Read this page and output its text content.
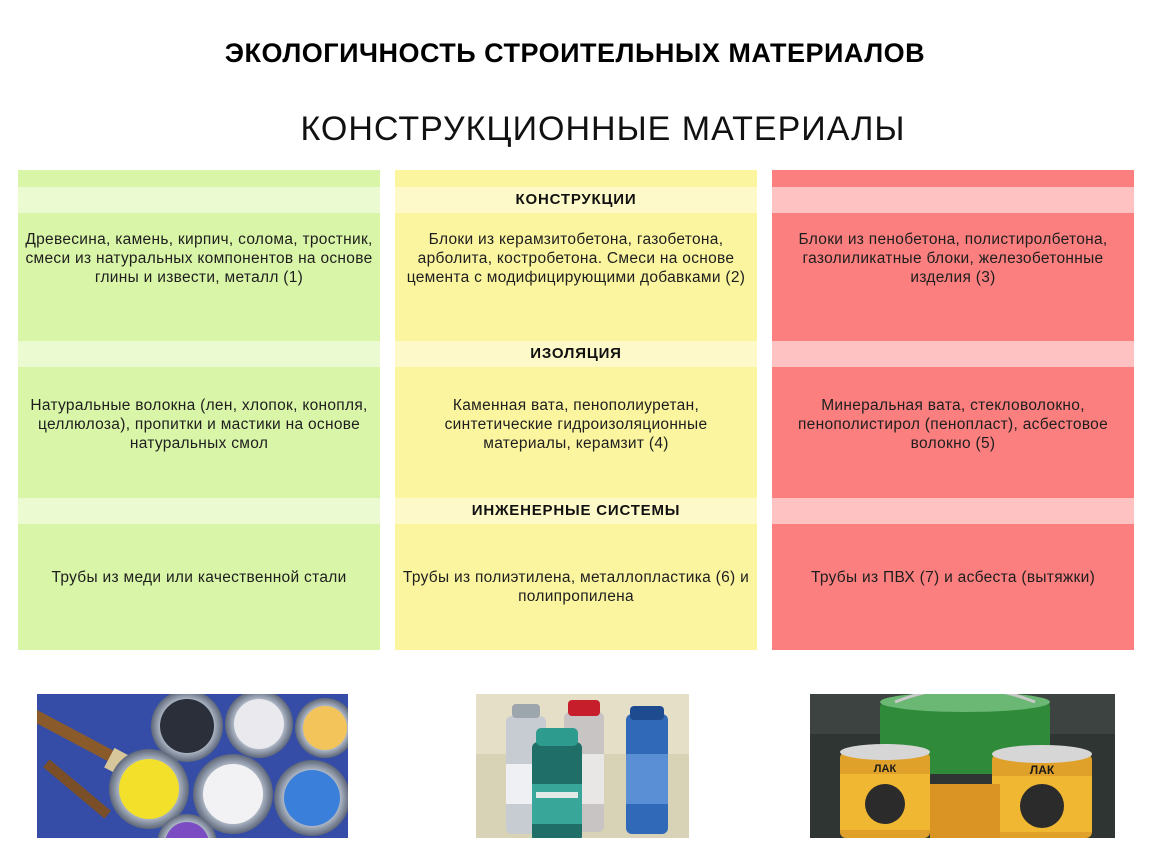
ЭКОЛОГИЧНОСТЬ СТРОИТЕЛЬНЫХ МАТЕРИАЛОВ
КОНСТРУКЦИОННЫЕ МАТЕРИАЛЫ
Древесина, камень, кирпич, солома, тростник, смеси из натуральных компонентов на основе глины и извести, металл (1)
Натуральные волокна (лен, хлопок, конопля, целлюлоза), пропитки и мастики на основе натуральных смол
Трубы из меди или качественной стали
КОНСТРУКЦИИ
ИЗОЛЯЦИЯ
ИНЖЕНЕРНЫЕ СИСТЕМЫ
Блоки из керамзитобетона, газобетона, арболита, костробетона. Смеси на основе цемента с модифицирующими добавками (2)
Каменная вата, пенополиуретан, синтетические гидроизоляционные материалы, керамзит (4)
Трубы из полиэтилена, металлопластика (6) и полипропилена
Блоки из пенобетона, полистиролбетона, газолиликатные блоки, железобетонные изделия (3)
Минеральная вата, стекловолокно, пенополистирол (пенопласт), асбестовое волокно (5)
Трубы из ПВХ (7) и асбеста (вытяжки)
ЛАК	ЛАК
